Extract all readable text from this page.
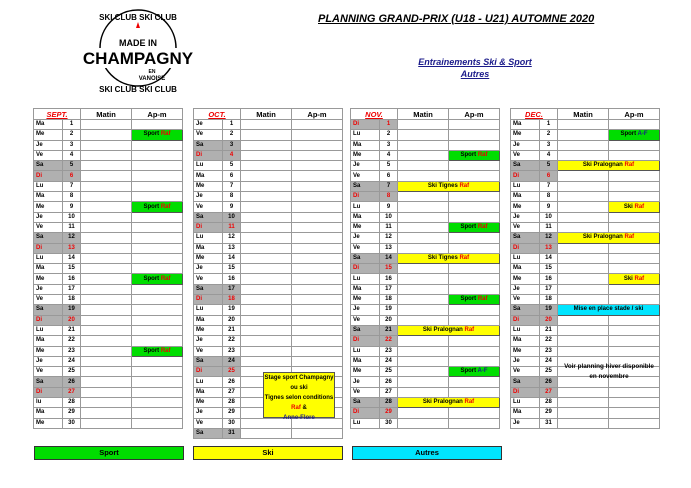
SKI CLUB SKI CLUB
MADE IN
CHAMPAGNY
EN
VANOISE
SKI CLUB SKI CLUB
PLANNING GRAND-PRIX (U18 - U21) AUTOMNE 2020
Entrainements Ski & Sport
Autres
SEPT.		Matin	Ap-m
Ma	1		
Me	2		Sport Raf
Je	3		
Ve	4		
Sa	5		
Di	6		
Lu	7		
Ma	8		
Me	9		Sport Raf
Je	10		
Ve	11		
Sa	12		
Di	13		
Lu	14		
Ma	15		
Me	16		Sport Raf
Je	17		
Ve	18		
Sa	19		
Di	20		
Lu	21		
Ma	22		
Me	23		Sport Raf
Je	24		
Ve	25		
Sa	26		
Di	27		
lu	28		
Ma	29		
Me	30		
OCT.		Matin	Ap-m
Je	1		
Ve	2		
Sa	3		
Di	4		
Lu	5		
Ma	6		
Me	7		
Je	8		
Ve	9		
Sa	10		
Di	11		
Lu	12		
Ma	13		
Me	14		
Je	15		
Ve	16		
Sa	17		
Di	18		
Lu	19		
Ma	20		
Me	21		
Je	22		
Ve	23		
Sa	24		
Di	25		
Lu	26		
Ma	27		
Me	28		
Je	29		
Ve	30		
Sa	31		
NOV.		Matin	Ap-m
Di	1		
Lu	2		
Ma	3		
Me	4		Sport Raf
Je	5		
Ve	6		
Sa	7	Ski Tignes Raf	
Di	8		
Lu	9		
Ma	10		
Me	11		Sport Raf
Je	12		
Ve	13		
Sa	14	Ski Tignes Raf	
Di	15		
Lu	16		
Ma	17		
Me	18		Sport Raf
Je	19		
Ve	20		
Sa	21	Ski Pralognan Raf	
Di	22		
Lu	23		
Ma	24		
Me	25		Sport A-F
Je	26		
Ve	27		
Sa	28	Ski Pralognan Raf	
Di	29		
Lu	30		
DEC.		Matin	Ap-m
Ma	1		
Me	2		Sport A-F
Je	3		
Ve	4		
Sa	5	Ski Pralognan Raf	
Di	6		
Lu	7		
Ma	8		
Me	9		Ski Raf
Je	10		
Ve	11		
Sa	12	Ski Pralognan Raf	
Di	13		
Lu	14		
Ma	15		
Me	16		Ski Raf
Je	17		
Ve	18		
Sa	19	Mise en place stade / ski	
Di	20		
Lu	21		
Ma	22		
Me	23		
Je	24		
Ve	25		
Sa	26		
Di	27		
Lu	28		
Ma	29		
Je	31		
Stage sport Champagny ou ski
Tignes selon conditions Raf &
Anne-Flore
Voir planning hiver disponible
en novembre
Sport	Ski	Autres
